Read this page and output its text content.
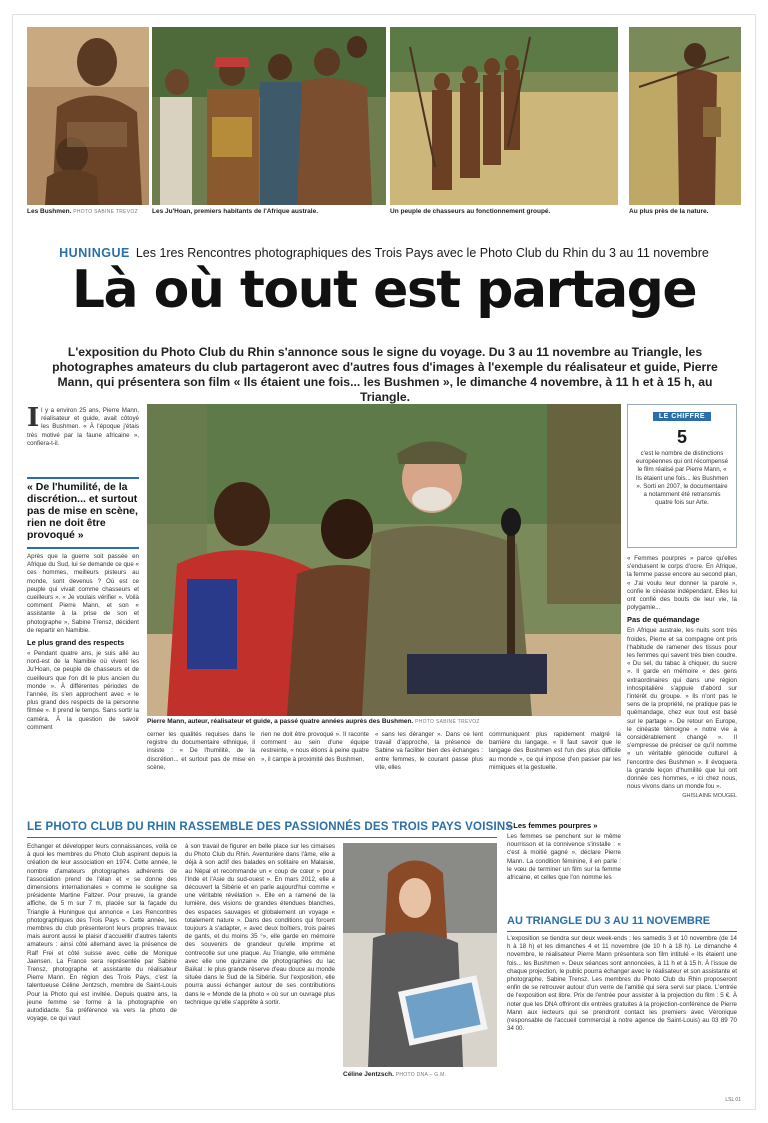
Les Bushmen. PHOTO SABINE TREVOZ Les Ju'Hoan, premiers habitants de l'Afrique australe.	Un peuple de chasseurs au fonctionnement groupé.	Au plus près de la nature.
HUNINGUE Les 1res Rencontres photographiques des Trois Pays avec le Photo Club du Rhin du 3 au 11 novembre
Là où tout est partage
L'exposition du Photo Club du Rhin s'annonce sous le signe du voyage. Du 3 au 11 novembre au Triangle, les photographes amateurs du club partageront avec d'autres fous d'images à l'exemple du réalisateur et guide, Pierre Mann, qui présentera son film « Ils étaient une fois... les Bushmen », le dimanche 4 novembre, à 11 h et à 15 h, au Triangle.
Il y a environ 25 ans, Pierre Mann, réalisateur et guide, avait côtoyé les Bushmen. « À l'époque j'étais très motivé par la faune africaine », confiera-t-il.
« De l'humilité, de la discrétion... et surtout pas de mise en scène, rien ne doit être provoqué »

Après que la guerre soit passée en Afrique du Sud, lui se demande ce que « ces hommes, meilleurs pisteurs au monde, sont devenus ? Où est ce peuple qui vivait comme chasseurs et cueilleurs ». « Je voulais vérifier ». Voilà comment Pierre Mann, et son « assistante à la prise de son et photographe », Sabine Trensz, décident de repartir en Namibie.

Le plus grand des respects

« Pendant quatre ans, je suis allé au nord-est de la Namibie où vivent les Ju'Hoan, ce peuple de chasseurs et de cueilleurs que l'on dit le plus ancien du monde ». À différentes périodes de l'année, ils s'en approchent avec « le plus grand des respects de la personne filmée ». Il prend le temps. Sans sortir la caméra. À la question de savoir comment

Pierre Mann, auteur, réalisateur et guide, a passé quatre années auprès des Bushmen. PHOTO SABINE TREVOZ
cerner les qualités requises dans le registre du documentaire ethnique, il insiste : « De l'humilité, de la discrétion... et surtout pas de mise en scène,
rien ne doit être provoqué ». Il raconte comment au sein d'une équipe restreinte, « nous étions à peine quatre », il campe à proximité des Bushmen,
« sans les déranger ». Dans ce lent travail d'approche, la présence de Sabine va faciliter bien des échanges : entre femmes, le courant passe plus vite, elles

communiquent plus rapidement malgré la barrière du langage. « Il faut savoir que le langage des Bushmen est l'un des plus difficile au monde », ce qui impose d'en passer par les mimiques et la gestuelle.

LE CHIFFRE
5
c'est le nombre de distinctions européennes qui ont récompensé le film réalisé par Pierre Mann, « Ils étaient une fois... les Bushmen ». Sorti en 2007, le documentaire a notamment été retransmis quatre fois sur Arte.

« Femmes pourpres » parce qu'elles s'enduisent le corps d'ocre. En Afrique, la femme passe encore au second plan, « J'ai voulu leur donner la parole », confie le cinéaste indépendant. Elles lui ont confié des bouts de leur vie, la polygamie...

Pas de quémandage

En Afrique australe, les nuits sont très froides, Pierre et sa compagne ont pris l'habitude de ramener des tissus pour les femmes qui savent très bien coudre. « Du sel, du tabac à chiquer, du sucre ». Il garde en mémoire « des gens extraordinaires qui dans une région inhospitalière s'appuie d'abord sur l'intérêt du groupe. » Ils n'ont pas le sens de la propriété, ne pratique pas le quémandage, chez eux tout est basé sur le partage ». De retour en Europe, le cinéaste témoigne « notre vie a considérablement changé ». Il s'empresse de préciser ce qu'il nomme « un véritable génocide culturel à l'encontre des Bushmen ». Il évoquera la grande leçon d'humilité que lui ont donnée ces hommes, « ici chez nous, nous vivons dans un monde fou ».

GHISLAINE MOUGEL
« Les femmes pourpres »

Les femmes se penchent sur le même nourrisson et la connivence s'installe : « c'est à moitié gagné », déclare Pierre Mann. La condition féminine, il en parle : le vœu de terminer un film sur la femme africaine, et celles que l'on nomme les

LE PHOTO CLUB DU RHIN RASSEMBLE DES PASSIONNÉS DES TROIS PAYS VOISINS
Échanger et développer leurs connaissances, voilà ce à quoi les membres du Photo Club aspirent depuis la création de leur association en 1974. Cette année, le nombre d'amateurs photographes adhérents de l'association prend de l'élan et « se donne des dimensions internationales » comme le souligne sa présidente Martine Faltzer. Pour preuve, la grande affiche, de 5 m sur 7 m, placée sur la façade du Triangle à Huningue qui annonce « Les Rencontres photographiques des Trois Pays ». Cette année, les membres du club présenteront leurs propres travaux mais auront aussi le plaisir d'accueillir d'autres talents amateurs : ainsi côté allemand avec la présence de Ralf Frei et côté suisse avec celle de Monique Jaensen. La France sera représentée par Sabine Trensz, photographe et assistante du réalisateur Pierre Mann. En région des Trois Pays, c'est la talentueuse Céline Jentzsch, membre de Saint-Louis Pour la Photo qui est invitée. Depuis quatre ans, la jeune femme se forme à la photographie en autodidacte. Sa préférence va vers la photo de voyage, ce qui vaut
à son travail de figurer en belle place sur les cimaises du Photo Club du Rhin. Aventurière dans l'âme, elle a déjà à son actif des balades en solitaire en Malaisie, au Népal et recommande un « coup de cœur » pour l'Inde et l'Asie du sud-ouest ». En mars 2012, elle a découvert la Sibérie et en parle aujourd'hui comme « une véritable révélation ». Elle en a ramené de la lumière, des visions de grandes étendues blanches, des espaces sauvages et globalement un voyage « totalement nature ». Dans des conditions qui forcent toujours à s'adapter, « avec deux boîtiers, trois paires de gants, et du moins 35 °», elle garde en mémoire des souvenirs de grandeur qu'elle imprime et contrecolle sur une plaque. Au Triangle, elle emmène avec elle une quinzaine de photographies du lac Baïkal : le plus grande réserve d'eau douce au monde située dans le Sud de la Sibérie. Sur l'exposition, elle pourra aussi échanger autour de ses contributions dans le « Monde de la photo » où sur un ouvrage plus technique qu'elle s'apprête à sortir.
Céline Jentzsch. PHOTO DNA – G.M.
AU TRIANGLE DU 3 AU 11 NOVEMBRE
L'exposition se tiendra sur deux week-ends : les samedis 3 et 10 novembre (de 14 h à 18 h) et les dimanches 4 et 11 novembre (de 10 h à 18 h). Le dimanche 4 novembre, le réalisateur Pierre Mann présentera son film intitulé « Ils étaient une fois... les Bushmen ». Deux séances sont annoncées, à 11 h et à 15 h. À l'issue de chaque projection, le public pourra échanger avec le réalisateur et son assistante et photographe, Sabine Trensz. Les membres du Photo Club du Rhin proposeront enfin de se retrouver autour d'un verre de l'amitié qui sera servi sur place. L'entrée de l'exposition est libre. Prix de l'entrée pour assister à la projection du film : 5 €. À noter que les DNA offriront dix entrées gratuites à la projection-conférence de Pierre Mann aux lecteurs qui se prendront contact les premiers avec Véronique (responsable de l'accueil commercial à notre agence de Saint-Louis) au 03 89 70 34 00.
LSL 01
